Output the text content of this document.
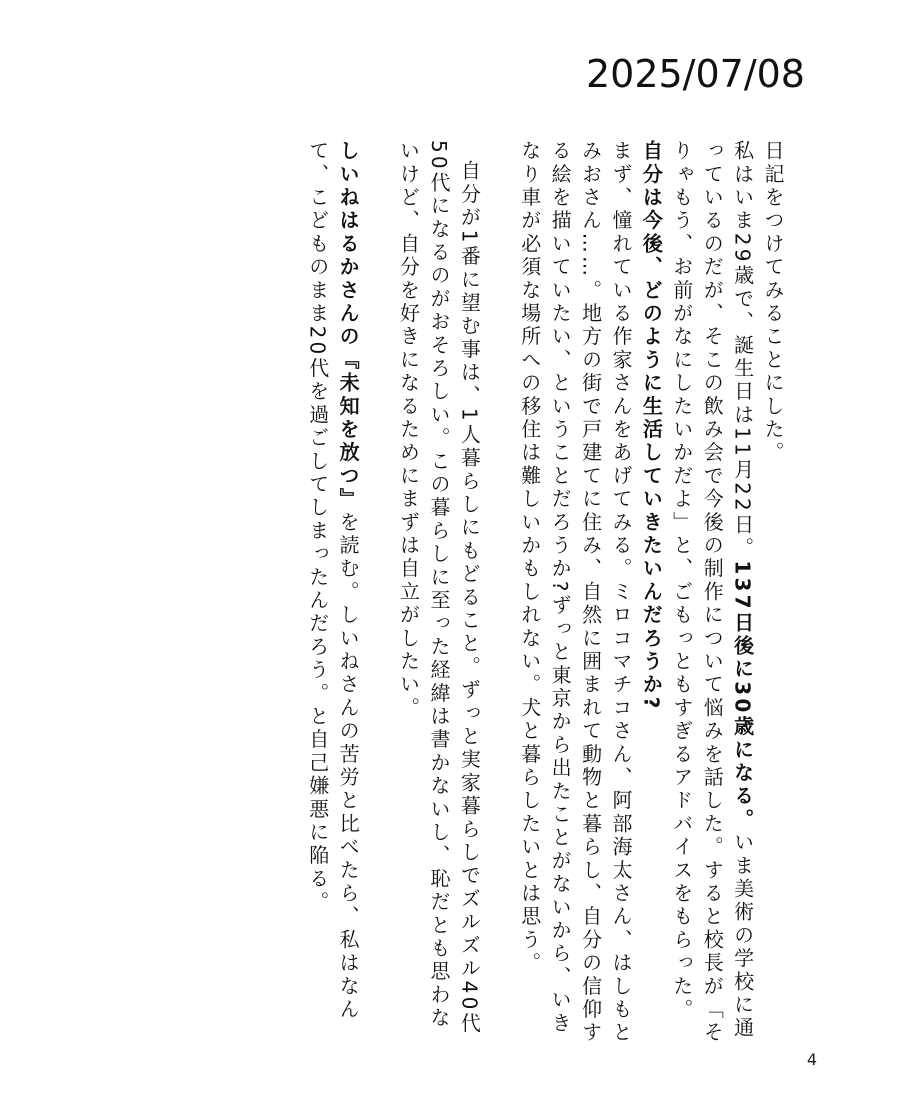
2025/07/08

日記をつけてみることにした。

私はいま29歳で、誕生日は11月22日。137日後に30歳になる。いま美術の学校に通っているのだが、そこの飲み会で今後の制作について悩みを話した。すると校長が「そりゃもう、お前がなにしたいかだよ」と、ごもっともすぎるアドバイスをもらった。

自分は今後、どのように生活していきたいんだろうか?

まず、憧れている作家さんをあげてみる。ミロコマチコさん、阿部海太さん、はしもとみおさん……。地方の街で戸建てに住み、自然に囲まれて動物と暮らし、自分の信仰する絵を描いていたい、ということだろうか?ずっと東京から出たことがないから、いきなり車が必須な場所への移住は難しいかもしれない。犬と暮らしたいとは思う。

自分が1番に望む事は、1人暮らしにもどること。ずっと実家暮らしでズルズル40代50代になるのがおそろしい。この暮らしに至った経緯は書かないし、恥だとも思わないけど、自分を好きになるためにまずは自立がしたい。

しいねはるかさんの『未知を放つ』を読む。しいねさんの苦労と比べたら、私はなんて、こどものまま20代を過ごしてしまったんだろう。と自己嫌悪に陥る。

4
